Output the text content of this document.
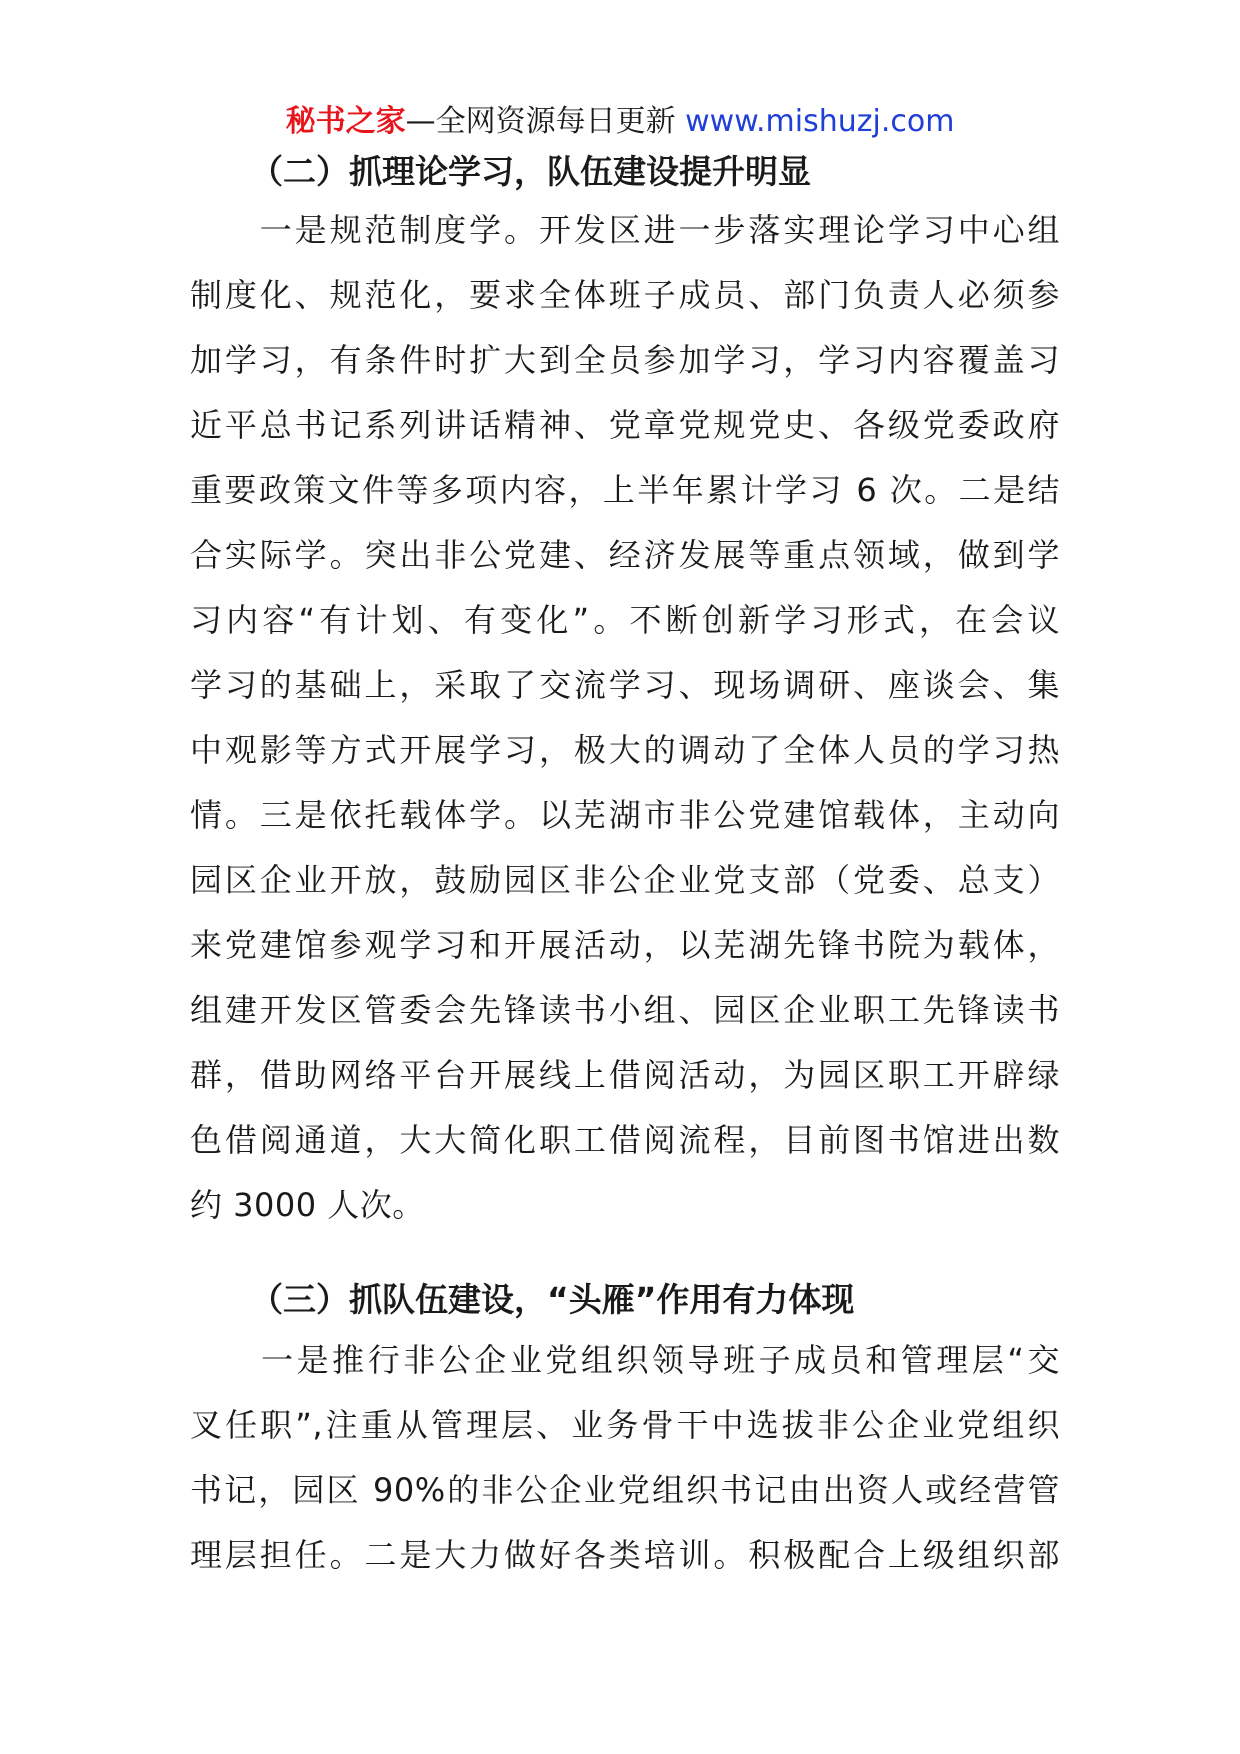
秘书之家—全网资源每日更新 www.mishuzj.com
（二）抓理论学习，队伍建设提升明显
　　一是规范制度学。开发区进一步落实理论学习中心组
制度化、规范化，要求全体班子成员、部门负责人必须参
加学习，有条件时扩大到全员参加学习，学习内容覆盖习
近平总书记系列讲话精神、党章党规党史、各级党委政府
重要政策文件等多项内容，上半年累计学习 6 次。二是结
合实际学。突出非公党建、经济发展等重点领域，做到学
习内容“有计划、有变化”。不断创新学习形式，在会议
学习的基础上，采取了交流学习、现场调研、座谈会、集
中观影等方式开展学习，极大的调动了全体人员的学习热
情。三是依托载体学。以芜湖市非公党建馆载体，主动向
园区企业开放，鼓励园区非公企业党支部（党委、总支）
来党建馆参观学习和开展活动，以芜湖先锋书院为载体，
组建开发区管委会先锋读书小组、园区企业职工先锋读书
群，借助网络平台开展线上借阅活动，为园区职工开辟绿
色借阅通道，大大简化职工借阅流程，目前图书馆进出数
约 3000 人次。
（三）抓队伍建设，“头雁”作用有力体现
　　一是推行非公企业党组织领导班子成员和管理层“交
叉任职”,注重从管理层、业务骨干中选拔非公企业党组织
书记，园区 90%的非公企业党组织书记由出资人或经营管
理层担任。二是大力做好各类培训。积极配合上级组织部
